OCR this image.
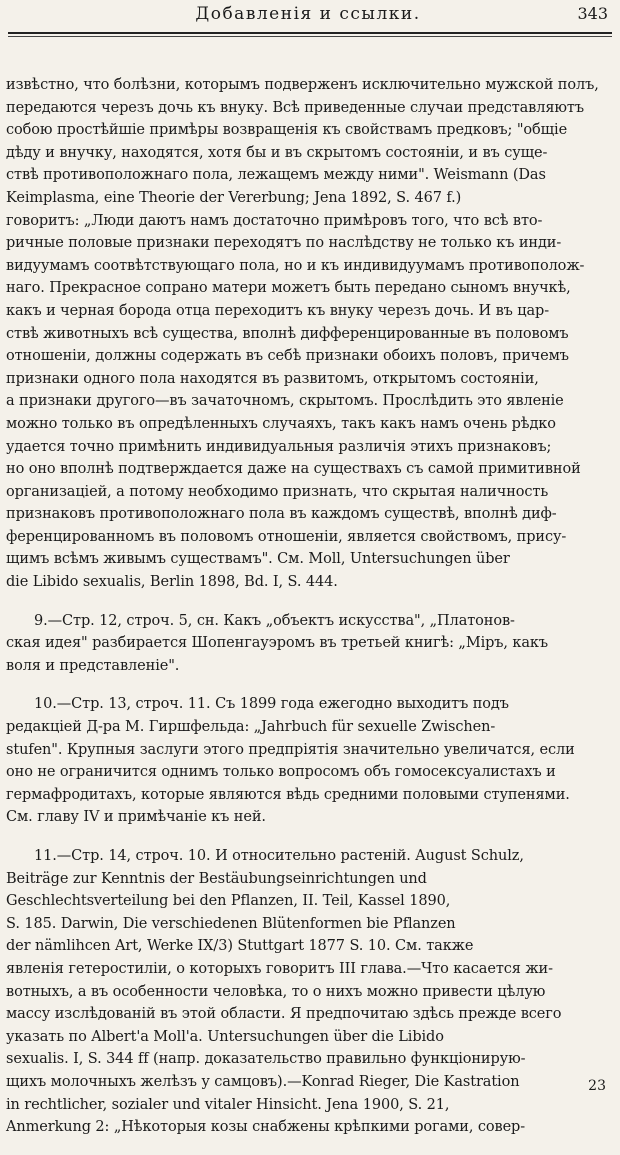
Добавленія и ссылки.	343

извѣстно, что болѣзни, которымъ подверженъ исключительно мужской полъ,

передаются черезъ дочь къ внуку. Всѣ приведенные случаи представляютъ

собою простѣйшіе примѣры возвращенія къ свойствамъ предковъ; "общіе

дѣду и внучку, находятся, хотя бы и въ скрытомъ состояніи, и въ суще-

ствѣ противоположнаго пола, лежащемъ между ними". Weismann (Das

Keimplasma, eine Theorie der Vererbung; Jena 1892, S. 467 f.)

говоритъ: „Люди даютъ намъ достаточно примѣровъ того, что всѣ вто-

ричные половые признаки переходятъ по наслѣдству не только къ инди-

видуумамъ соотвѣтствующаго пола, но и къ индивидуумамъ противополож-

наго. Прекрасное сопрано матери можетъ быть передано сыномъ внучкѣ,

какъ и черная борода отца переходитъ къ внуку черезъ дочь. И въ цар-

ствѣ животныхъ всѣ существа, вполнѣ дифференцированные въ половомъ

отношеніи, должны содержать въ себѣ признаки обоихъ половъ, причемъ

признаки одного пола находятся въ развитомъ, открытомъ состояніи,

а признаки другого—въ зачаточномъ, скрытомъ. Прослѣдить это явленіе

можно только въ опредѣленныхъ случаяхъ, такъ какъ намъ очень рѣдко

удается точно примѣнить индивидуальныя различія этихъ признаковъ;

но оно вполнѣ подтверждается даже на существахъ съ самой примитивной

организаціей, а потому необходимо признать, что скрытая наличность

признаковъ противоположнаго пола въ каждомъ существѣ, вполнѣ диф-

ференцированномъ въ половомъ отношеніи, является свойствомъ, прису-

щимъ всѣмъ живымъ существамъ". См. Moll, Untersuchungen über

die Libido sexualis, Berlin 1898, Bd. I, S. 444.

9.—Стр. 12, строч. 5, сн. Какъ „объектъ искусства", „Платонов-

ская идея" разбирается Шопенгауэромъ въ третьей книгѣ: „Міръ, какъ

воля и представленіе".

10.—Стр. 13, строч. 11. Съ 1899 года ежегодно выходитъ подъ

редакціей Д-ра М. Гиршфельда: „Jahrbuch für sexuelle Zwischen-

stufen". Крупныя заслуги этого предпріятія значительно увеличатся, если

оно не ограничится однимъ только вопросомъ объ гомосексуалистахъ и

гермафродитахъ, которые являются вѣдь средними половыми ступенями.

См. главу IV и примѣчаніе къ ней.

11.—Стр. 14, строч. 10. И относительно растеній. August Schulz,

Beiträge zur Kenntnis der Bestäubungseinrichtungen und

Geschlechtsverteilung bei den Pflanzen, II. Teil, Kassel 1890,

S. 185. Darwin, Die verschiedenen Blütenformen bie Pflanzen

der nämlihcen Art, Werke IX/3) Stuttgart 1877 S. 10. См. также

явленія гетеростиліи, о которыхъ говоритъ III глава.—Что касается жи-

вотныхъ, а въ особенности человѣка, то о нихъ можно привести цѣлую

массу изслѣдованій въ этой области. Я предпочитаю здѣсь прежде всего

указать по Albert'a Moll'a. Untersuchungen über die Libido

sexualis. I, S. 344 ff (напр. доказательство правильно функціонирую-

щихъ молочныхъ желѣзъ у самцовъ).—Konrad Rieger, Die Kastration

in rechtlicher, sozialer und vitaler Hinsicht. Jena 1900, S. 21,

Anmerkung 2: „Нѣкоторыя козы снабжены крѣпкими рогами, совер-

23
